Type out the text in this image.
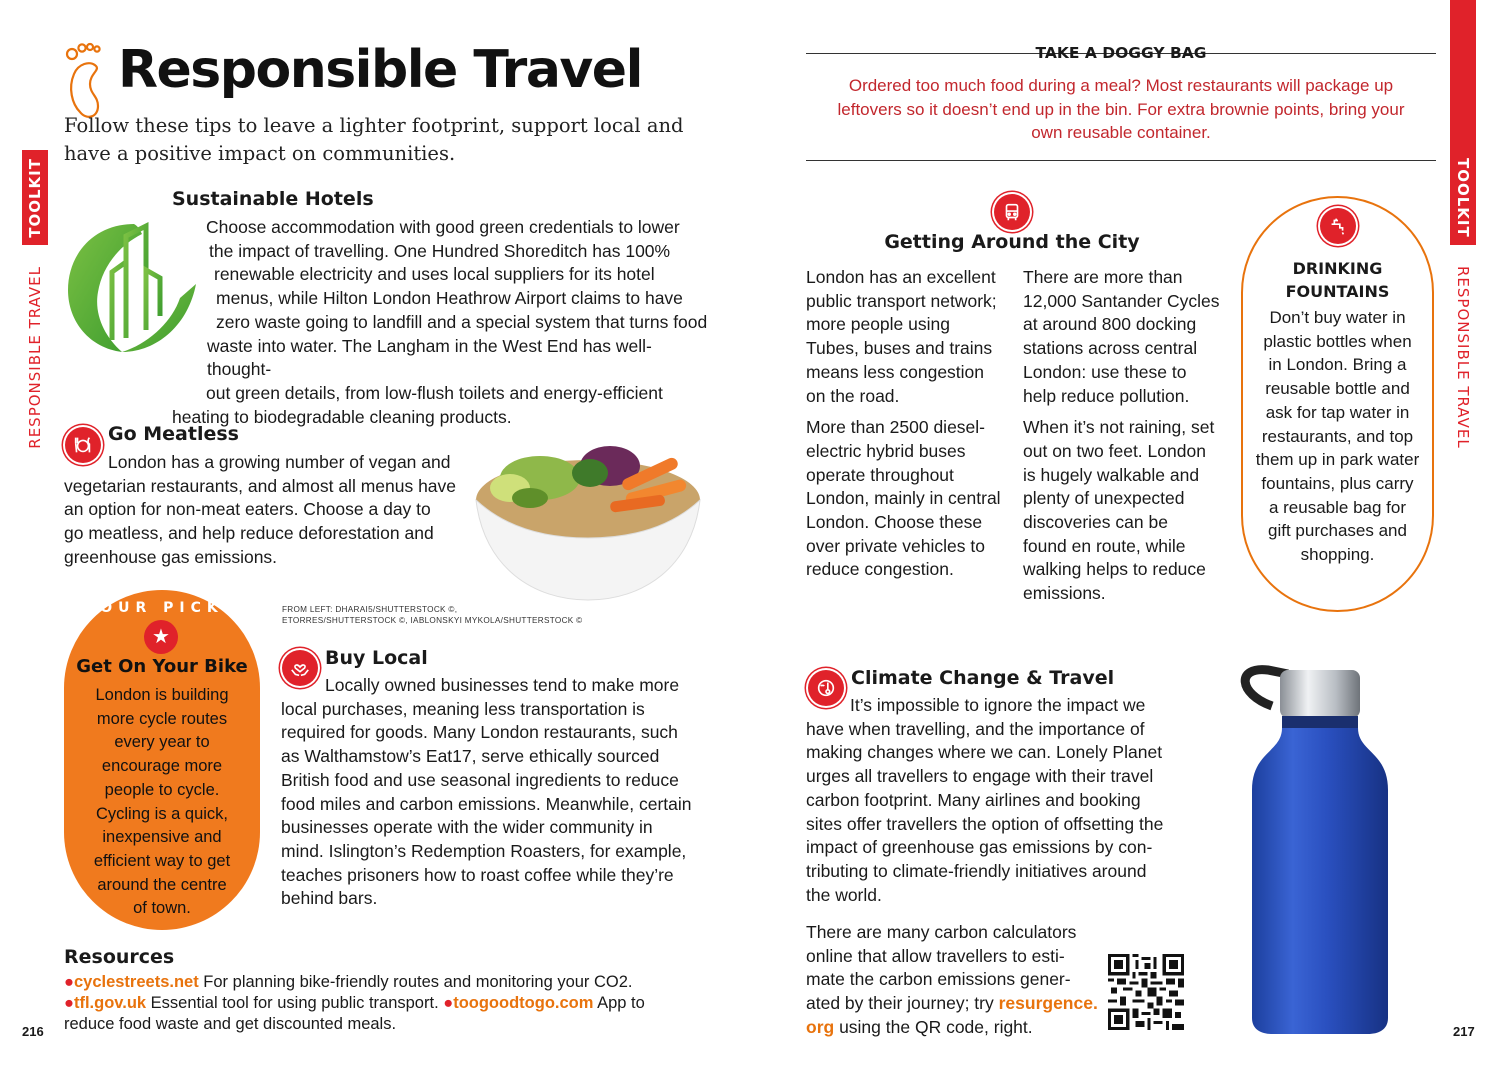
TOOLKIT
RESPONSIBLE TRAVEL
Responsible Travel
Follow these tips to leave a lighter footprint, support local and have a positive impact on communities.
Sustainable Hotels
Choose accommodation with good green credentials to lower
the impact of travelling. One Hundred Shoreditch has 100%
renewable electricity and uses local suppliers for its hotel
menus, while Hilton London Heathrow Airport claims to have
zero waste going to landfill and a special system that turns food
waste into water. The Langham in the West End has well-thought-
out green details, from low-flush toilets and energy-efficient
heating to biodegradable cleaning products.
Go Meatless
London has a growing number of vegan and
vegetarian restaurants, and almost all menus have
an option for non-meat eaters. Choose a day to
go meatless, and help reduce deforestation and
greenhouse gas emissions.
FROM LEFT: DHARAI5/SHUTTERSTOCK ©,
ETORRES/SHUTTERSTOCK ©, IABLONSKYI MYKOLA/SHUTTERSTOCK ©
OUR PICK
★
Get On Your Bike
London is building
more cycle routes
every year to
encourage more
people to cycle.
Cycling is a quick,
inexpensive and
efficient way to get
around the centre
of town.
Buy Local
Locally owned businesses tend to make more
local purchases, meaning less transportation is
required for goods. Many London restaurants, such
as Walthamstow’s Eat17, serve ethically sourced
British food and use seasonal ingredients to reduce
food miles and carbon emissions. Meanwhile, certain
businesses operate with the wider community in
mind. Islington’s Redemption Roasters, for example,
teaches prisoners how to roast coffee while they’re
behind bars.
Resources
●cyclestreets.net For planning bike-friendly routes and monitoring your CO2.
●tfl.gov.uk Essential tool for using public transport. ●toogoodtogo.com App to
reduce food waste and get discounted meals.
216
TOOLKIT
RESPONSIBLE TRAVEL
TAKE A DOGGY BAG
Ordered too much food during a meal? Most restaurants will package up
leftovers so it doesn’t end up in the bin. For extra brownie points, bring your
own reusable container.
Getting Around the City

London has an excellent
public transport network;
more people using
Tubes, buses and trains
means less congestion
on the road.

More than 2500 diesel-
electric hybrid buses
operate throughout
London, mainly in central
London. Choose these
over private vehicles to
reduce congestion.

There are more than
12,000 Santander Cycles
at around 800 docking
stations across central
London: use these to
help reduce pollution.

When it’s not raining, set
out on two feet. London
is hugely walkable and
plenty of unexpected
discoveries can be
found en route, while
walking helps to reduce
emissions.

DRINKING
FOUNTAINS
Don’t buy water in
plastic bottles when
in London. Bring a
reusable bottle and
ask for tap water in
restaurants, and top
them up in park water
fountains, plus carry
a reusable bag for
gift purchases and
shopping.
Climate Change & Travel
It’s impossible to ignore the impact we
have when travelling, and the importance of
making changes where we can. Lonely Planet
urges all travellers to engage with their travel
carbon footprint. Many airlines and booking
sites offer travellers the option of offsetting the
impact of greenhouse gas emissions by con-
tributing to climate-friendly initiatives around
the world.
There are many carbon calculators
online that allow travellers to esti-
mate the carbon emissions gener-
ated by their journey; try resurgence.
org using the QR code, right.	217
